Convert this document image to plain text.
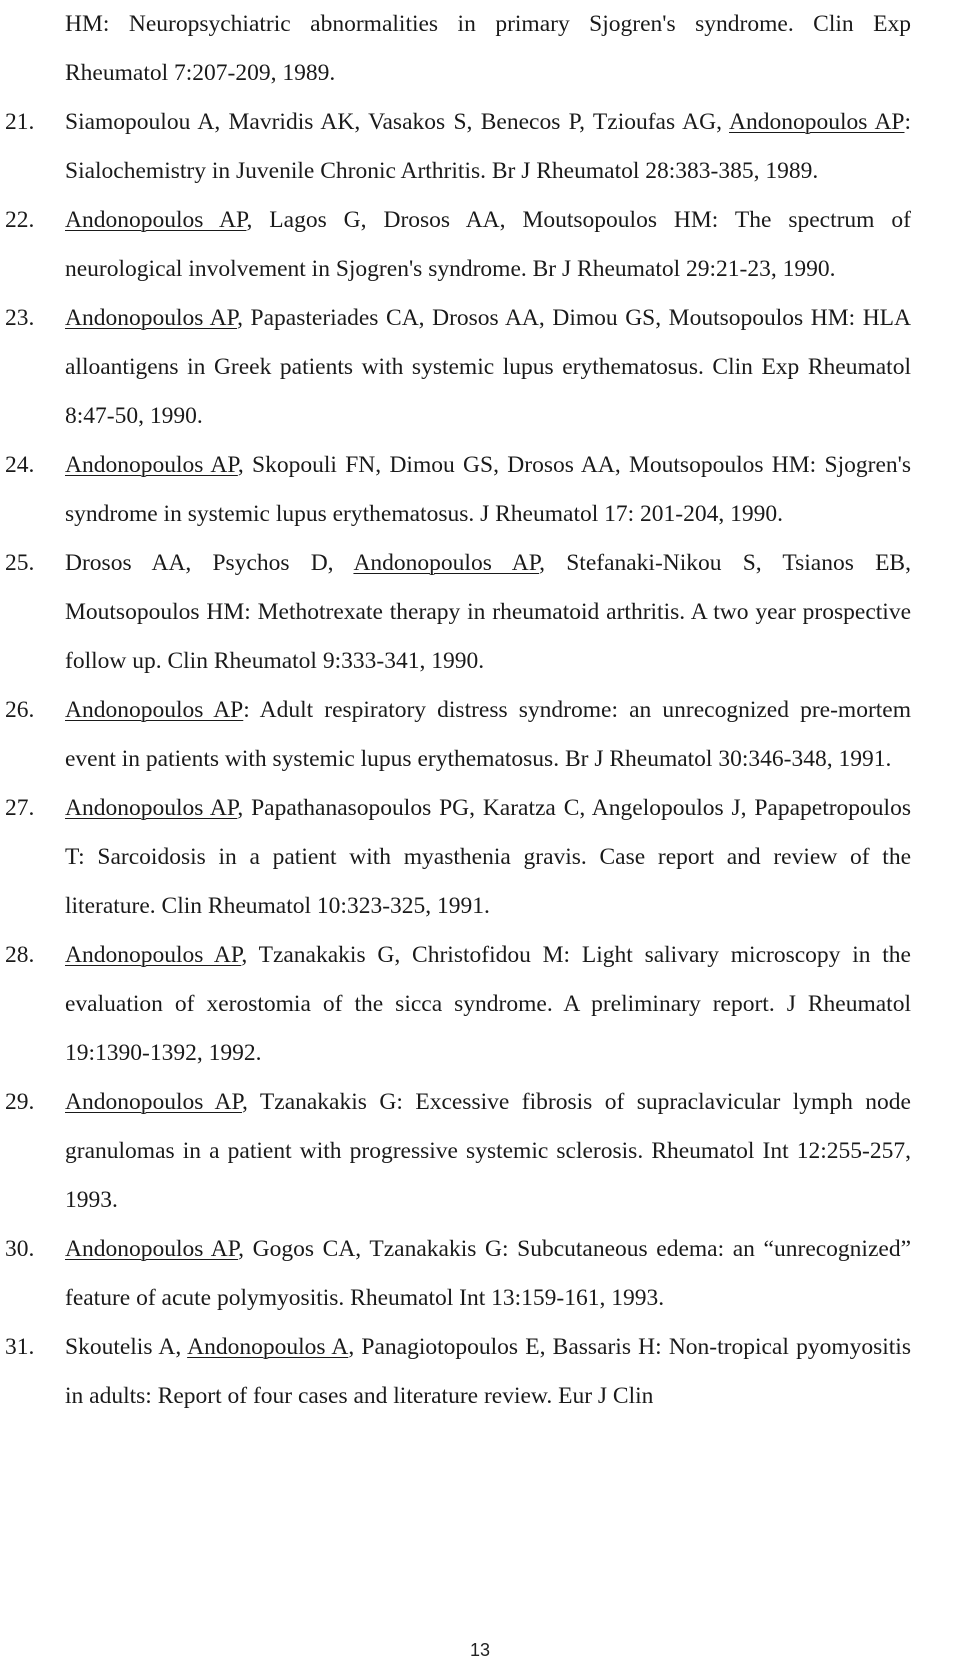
HM: Neuropsychiatric abnormalities in primary Sjogren's syndrome. Clin Exp Rheumatol 7:207-209, 1989.
21. Siamopoulou A, Mavridis AK, Vasakos S, Benecos P, Tzioufas AG, Andonopoulos AP: Sialochemistry in Juvenile Chronic Arthritis. Br J Rheumatol 28:383-385, 1989.
22. Andonopoulos AP, Lagos G, Drosos AA, Moutsopoulos HM: The spectrum of neurological involvement in Sjogren's syndrome. Br J Rheumatol 29:21-23, 1990.
23. Andonopoulos AP, Papasteriades CA, Drosos AA, Dimou GS, Moutsopoulos HM: HLA alloantigens in Greek patients with systemic lupus erythematosus. Clin Exp Rheumatol 8:47-50, 1990.
24. Andonopoulos AP, Skopouli FN, Dimou GS, Drosos AA, Moutsopoulos HM: Sjogren's syndrome in systemic lupus erythematosus. J Rheumatol 17: 201-204, 1990.
25. Drosos AA, Psychos D, Andonopoulos AP, Stefanaki-Nikou S, Tsianos EB, Moutsopoulos HM: Methotrexate therapy in rheumatoid arthritis. A two year prospective follow up. Clin Rheumatol 9:333-341, 1990.
26. Andonopoulos AP: Adult respiratory distress syndrome: an unrecognized pre-mortem event in patients with systemic lupus erythematosus. Br J Rheumatol 30:346-348, 1991.
27. Andonopoulos AP, Papathanasopoulos PG, Karatza C, Angelopoulos J, Papapetropoulos T: Sarcoidosis in a patient with myasthenia gravis. Case report and review of the literature. Clin Rheumatol 10:323-325, 1991.
28. Andonopoulos AP, Tzanakakis G, Christofidou M: Light salivary microscopy in the evaluation of xerostomia of the sicca syndrome. A preliminary report. J Rheumatol 19:1390-1392, 1992.
29. Andonopoulos AP, Tzanakakis G: Excessive fibrosis of supraclavicular lymph node granulomas in a patient with progressive systemic sclerosis. Rheumatol Int 12:255-257, 1993.
30. Andonopoulos AP, Gogos CA, Tzanakakis G: Subcutaneous edema: an “unrecognized” feature of acute polymyositis. Rheumatol Int 13:159-161, 1993.
31. Skoutelis A, Andonopoulos A, Panagiotopoulos E, Bassaris H: Non-tropical pyomyositis in adults: Report of four cases and literature review. Eur J Clin
13
